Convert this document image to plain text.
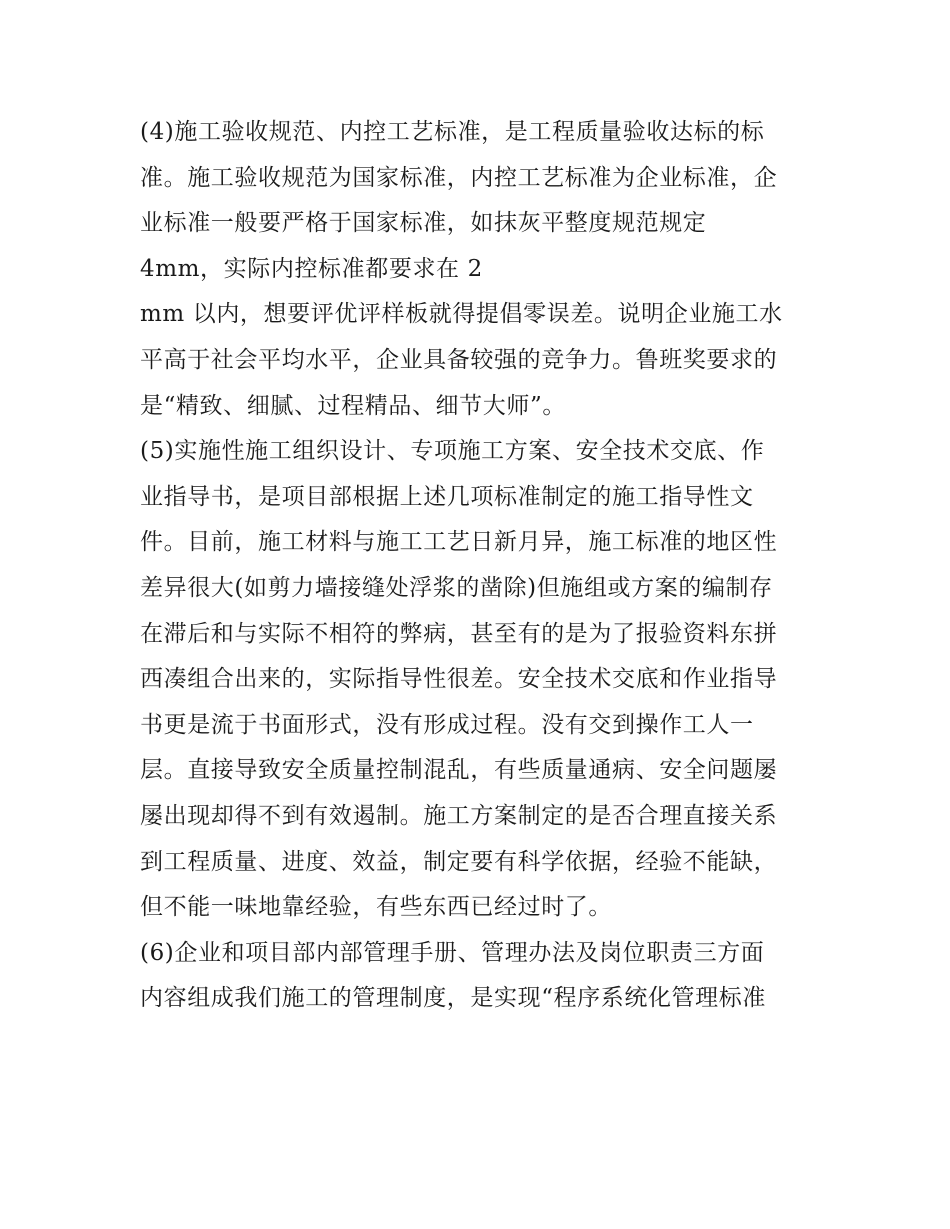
(4)施工验收规范、内控工艺标准，是工程质量验收达标的标
准。施工验收规范为国家标准，内控工艺标准为企业标准，企
业标准一般要严格于国家标准，如抹灰平整度规范规定
4mm，实际内控标准都要求在 2
mm 以内，想要评优评样板就得提倡零误差。说明企业施工水
平高于社会平均水平，企业具备较强的竞争力。鲁班奖要求的
是“精致、细腻、过程精品、细节大师”。
(5)实施性施工组织设计、专项施工方案、安全技术交底、作
业指导书，是项目部根据上述几项标准制定的施工指导性文
件。目前，施工材料与施工工艺日新月异，施工标准的地区性
差异很大(如剪力墙接缝处浮浆的凿除)但施组或方案的编制存
在滞后和与实际不相符的弊病，甚至有的是为了报验资料东拼
西凑组合出来的，实际指导性很差。安全技术交底和作业指导
书更是流于书面形式，没有形成过程。没有交到操作工人一
层。直接导致安全质量控制混乱，有些质量通病、安全问题屡
屡出现却得不到有效遏制。施工方案制定的是否合理直接关系
到工程质量、进度、效益，制定要有科学依据，经验不能缺，
但不能一味地靠经验，有些东西已经过时了。
(6)企业和项目部内部管理手册、管理办法及岗位职责三方面
内容组成我们施工的管理制度，是实现“程序系统化管理标准
